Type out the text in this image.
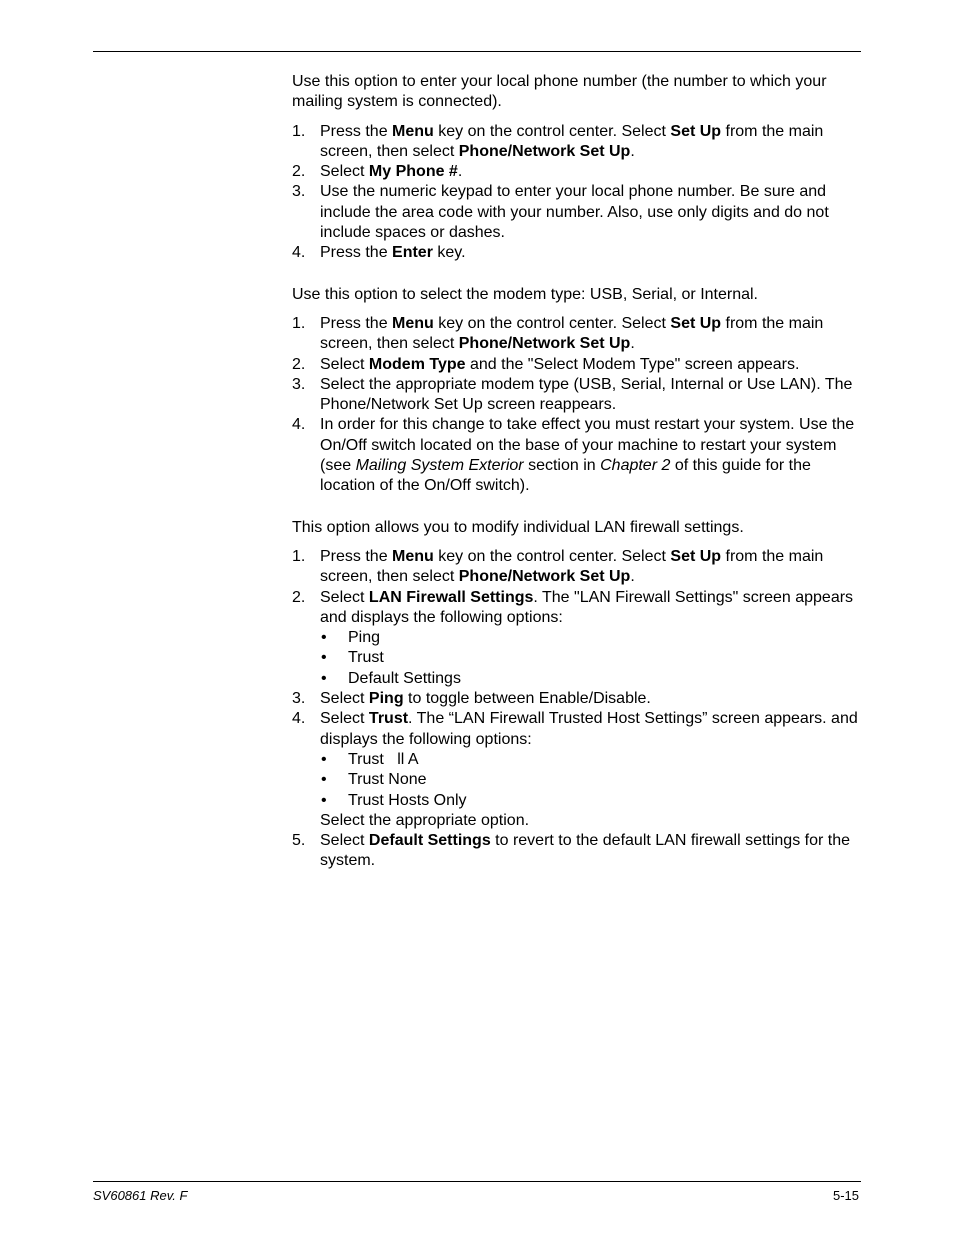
Use this option to enter your local phone number (the number to which your mailing system is connected).

1. Press the Menu key on the control center. Select Set Up from the main screen, then select Phone/Network Set Up.
2. Select My Phone #.
3. Use the numeric keypad to enter your local phone number. Be sure and include the area code with your number. Also, use only digits and do not include spaces or dashes.
4. Press the Enter key.

Use this option to select the modem type: USB, Serial, or Internal.

1. Press the Menu key on the control center. Select Set Up from the main screen, then select Phone/Network Set Up.
2. Select Modem Type and the "Select Modem Type" screen appears.
3. Select the appropriate modem type (USB, Serial, Internal or Use LAN). The Phone/Network Set Up screen reappears.
4. In order for this change to take effect you must restart your system. Use the On/Off switch located on the base of your machine to restart your system (see Mailing System Exterior section in Chapter 2 of this guide for the location of the On/Off switch).

This option allows you to modify individual LAN firewall settings.

1. Press the Menu key on the control center. Select Set Up from the main screen, then select Phone/Network Set Up.
2. Select LAN Firewall Settings. The "LAN Firewall Settings" screen appears and displays the following options:
• Ping
• Trust
• Default Settings
3. Select Ping to toggle between Enable/Disable.
4. Select Trust. The “LAN Firewall Trusted Host Settings” screen appears. and displays the following options:
• Trust   ll A
• Trust None
• Trust Hosts Only
Select the appropriate option.
5. Select Default Settings to revert to the default LAN firewall settings for the system.
SV60861 Rev. F	5-15
